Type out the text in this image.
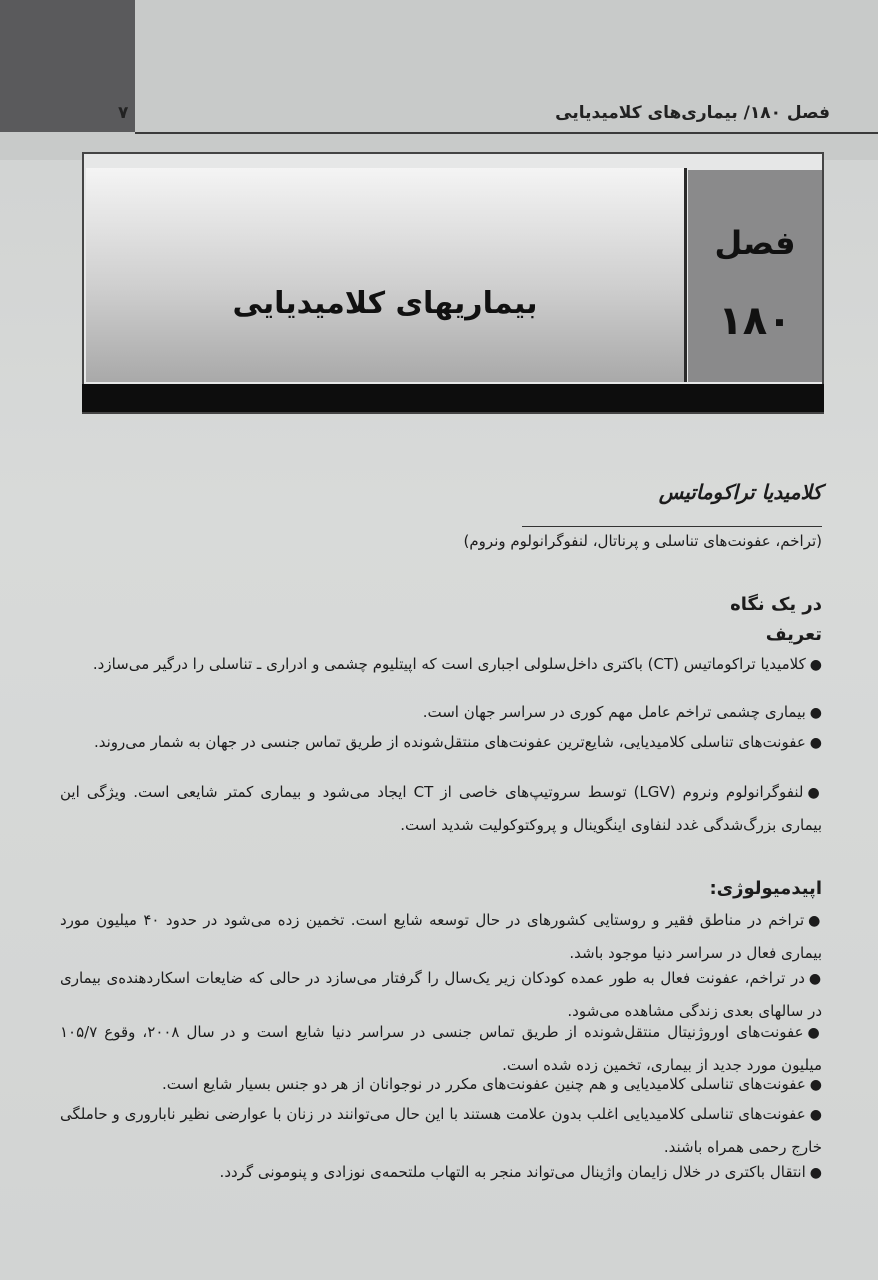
فصل ۱۸۰/ بیماری‌های کلامیدیایی
۷
بیماریهای کلامیدیایی
فصل
۱۸۰
کلامیدیا تراکوماتیس
(تراخم، عفونت‌های تناسلی و پرناتال، لنفوگرانولوم ونروم)
در یک نگاه
تعریف
●کلامیدیا تراکوماتیس (CT) باکتری داخل‌سلولی اجباری است که اپیتلیوم چشمی و ادراری ـ تناسلی را درگیر می‌سازد.
●بیماری چشمی تراخم عامل مهم کوری در سراسر جهان است.
●عفونت‌های تناسلی کلامیدیایی، شایع‌ترین عفونت‌های منتقل‌شونده از طریق تماس جنسی در جهان به شمار می‌روند.
●لنفوگرانولوم ونروم (LGV) توسط سروتیپ‌های خاصی از CT ایجاد می‌شود و بیماری کمتر شایعی است. ویژگی این بیماری بزرگ‌شدگی غدد لنفاوی اینگوینال و پروکتوکولیت شدید است.
اپیدمیولوژی:
●تراخم در مناطق فقیر و روستایی کشورهای در حال توسعه شایع است. تخمین زده می‌شود در حدود ۴۰ میلیون مورد بیماری فعال در سراسر دنیا موجود باشد.
●در تراخم، عفونت فعال به طور عمده کودکان زیر یک‌سال را گرفتار می‌سازد در حالی که ضایعات اسکاردهنده‌ی بیماری در سالهای بعدی زندگی مشاهده می‌شود.
●عفونت‌های اوروژنیتال منتقل‌شونده از طریق تماس جنسی در سراسر دنیا شایع است و در سال ۲۰۰۸، وقوع ۱۰۵/۷ میلیون مورد جدید از بیماری، تخمین زده شده است.
●عفونت‌های تناسلی کلامیدیایی و هم چنین عفونت‌های مکرر در نوجوانان از هر دو جنس بسیار شایع است.
●عفونت‌های تناسلی کلامیدیایی اغلب بدون علامت هستند با این حال می‌توانند در زنان با عوارضی نظیر ناباروری و حاملگی خارج رحمی همراه باشند.
●انتقال باکتری در خلال زایمان واژینال می‌تواند منجر به التهاب ملتحمه‌ی نوزادی و پنومونی گردد.
